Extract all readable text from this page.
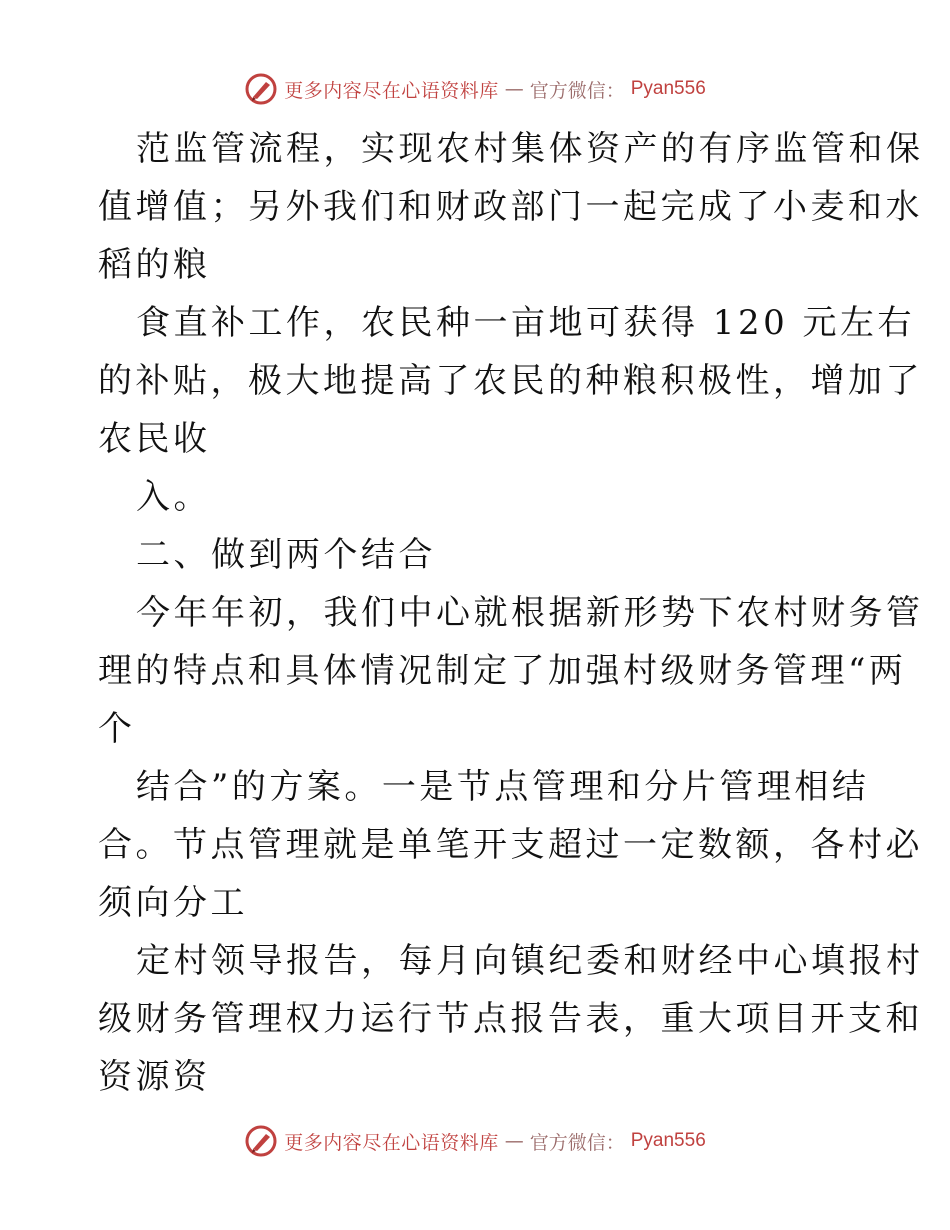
更多内容尽在心语资料库 — 官方微信： Pyan556
范监管流程，实现农村集体资产的有序监管和保
值增值；另外我们和财政部门一起完成了小麦和水
稻的粮
食直补工作，农民种一亩地可获得 120 元左右
的补贴，极大地提高了农民的种粮积极性，增加了
农民收
入。
二、做到两个结合
今年年初，我们中心就根据新形势下农村财务管
理的特点和具体情况制定了加强村级财务管理“两
个
结合”的方案。一是节点管理和分片管理相结
合。节点管理就是单笔开支超过一定数额，各村必
须向分工
定村领导报告，每月向镇纪委和财经中心填报村
级财务管理权力运行节点报告表，重大项目开支和
资源资
更多内容尽在心语资料库 — 官方微信： Pyan556
